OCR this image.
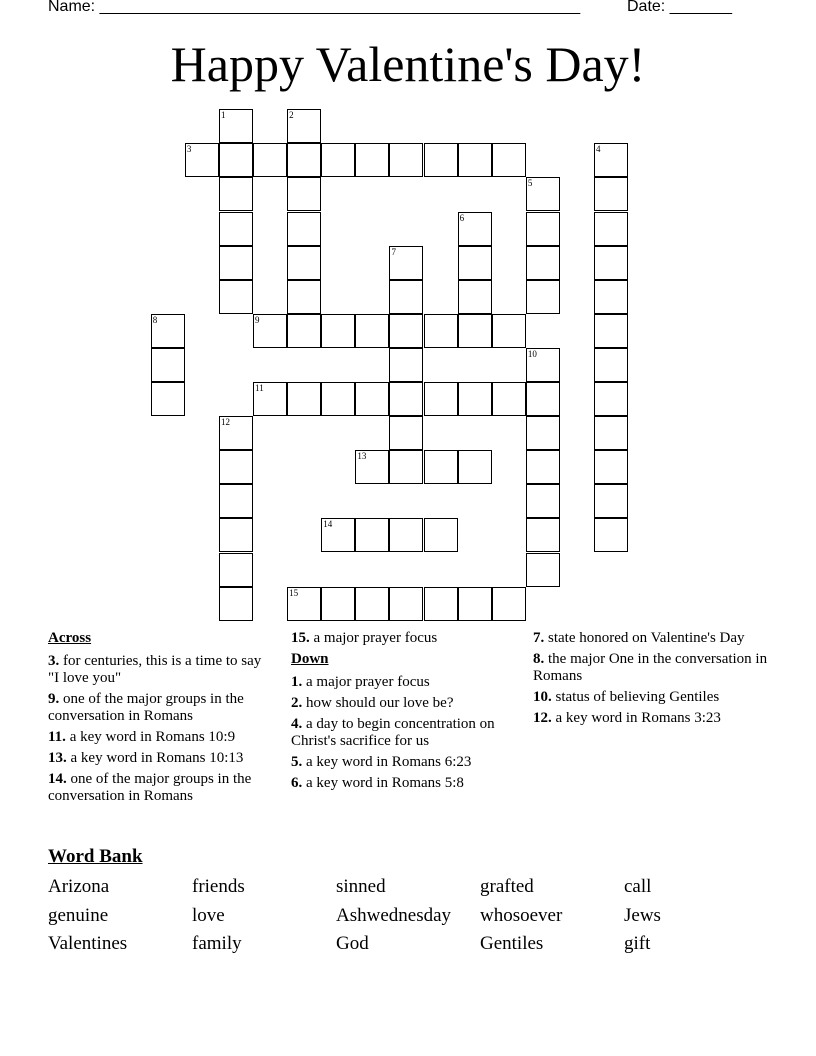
Name: ______________________________________________________	Date: _______
Happy Valentine's Day!
1	2
3	4
5
6
7
8	9
10
11
12
13
14
15
Across
3. for centuries, this is a time to say "I love you"
9. one of the major groups in the conversation in Romans
11. a key word in Romans 10:9
13. a key word in Romans 10:13
14. one of the major groups in the conversation in Romans
15. a major prayer focus
Down
1. a major prayer focus
2. how should our love be?
4. a day to begin concentration on Christ's sacrifice for us
5. a key word in Romans 6:23
6. a key word in Romans 5:8
7. state honored on Valentine's Day
8. the major One in the conversation in Romans
10. status of believing Gentiles
12. a key word in Romans 3:23
Word Bank
Arizona	friends	sinned	grafted	call
genuine	love	Ashwednesday	whosoever	Jews
Valentines	family	God	Gentiles	gift
